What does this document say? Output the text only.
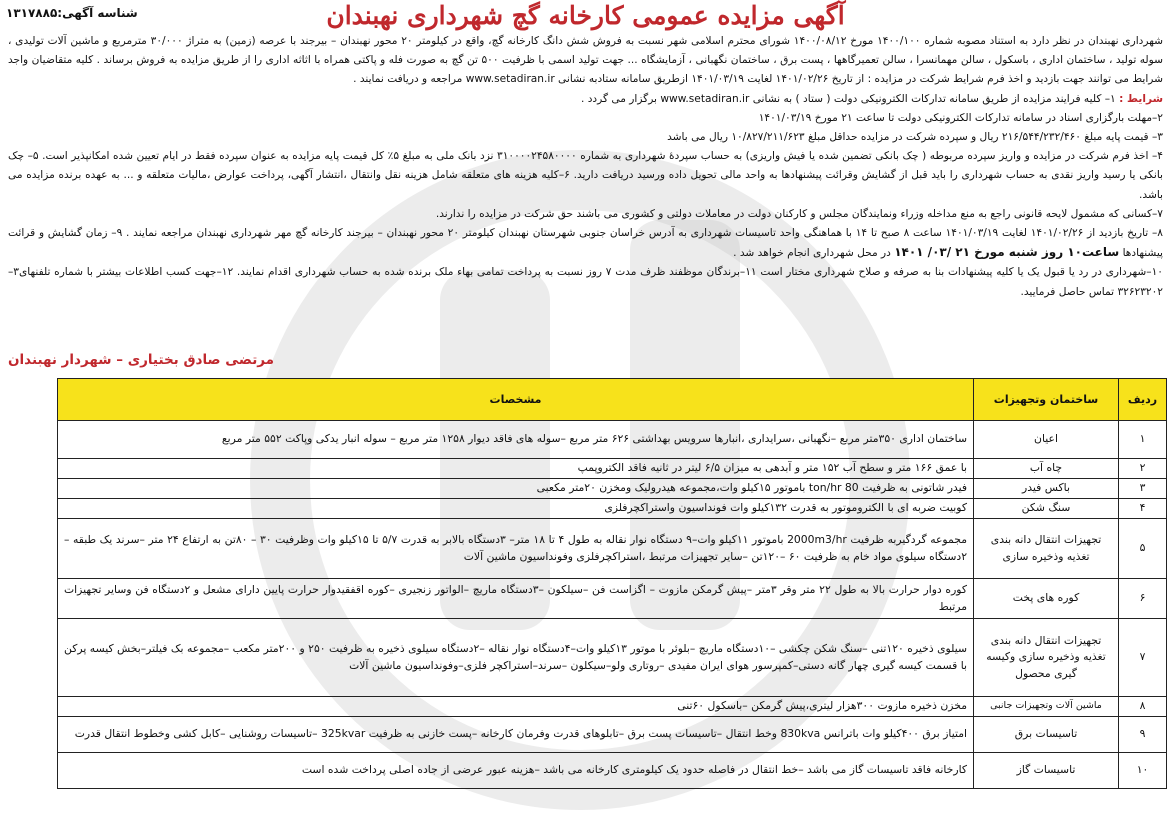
آگهی مزایده عمومی کارخانه گچ شهرداری نهبندان
شناسه آگهی:۱۳۱۷۸۸۵

شهرداری نهبندان در نظر دارد به استناد مصوبه شماره ۱۴۰۰/۱۰۰ مورخ ۱۴۰۰/۰۸/۱۲ شورای محترم اسلامی شهر نسبت به فروش شش دانگ کارخانه گچ، واقع در کیلومتر ۲۰ محور نهبندان – بیرجند با عرصه (زمین) به متراژ ۳۰/۰۰۰ مترمربع و ماشین آلات تولیدی ، سوله تولید ، ساختمان اداری ، باسکول ، سالن مهمانسرا ، سالن تعمیرگاهها ، پست برق ، ساختمان نگهبانی ، آزمایشگاه ... جهت تولید اسمی با ظرفیت ۵۰۰ تن گچ به صورت فله و پاکتی همراه با اثاثه اداری را از طریق مزایده به فروش برساند . کلیه متقاضیان واجد شرایط می توانند جهت بازدید و اخذ فرم شرایط شرکت در مزایده : از تاریخ ۱۴۰۱/۰۲/۲۶ لغایت ۱۴۰۱/۰۳/۱۹ ازطریق سامانه ستادبه نشانی www.setadiran.ir مراجعه و دریافت نمایند .

شرایط : ۱– کلیه فرایند مزایده از طریق سامانه تدارکات الکترونیکی دولت ( ستاد ) به نشانی www.setadiran.ir برگزار می گردد .

۲–مهلت بارگزاری اسناد در سامانه تدارکات الکترونیکی دولت تا ساعت ۲۱ مورخ ۱۴۰۱/۰۳/۱۹

۳– قیمت پایه مبلغ ۲۱۶/۵۴۴/۲۳۲/۴۶۰ ریال و سپرده شرکت در مزایده حداقل مبلغ ۱۰/۸۲۷/۲۱۱/۶۲۳ ریال می باشد

۴– اخذ فرم شرکت در مزایده و واریز سپرده مربوطه ( چک بانکی تضمین شده یا فیش واریزی) به حساب سپردۀ شهرداری به شماره ۳۱۰۰۰۰۲۴۵۸۰۰۰۰ نزد بانک ملی به مبلغ ۵٪ کل قیمت پایه مزایده به عنوان سپرده فقط در ایام تعیین شده امکانپذیر است. ۵– چک بانکی یا رسید واریز نقدی به حساب شهرداری را باید قبل از گشایش وقرائت پیشنهادها به واحد مالی تحویل داده ورسید دریافت دارید. ۶–کلیه هزینه های متعلقه شامل هزینه نقل وانتقال ،انتشار آگهی، پرداخت عوارض ،مالیات متعلقه و ... به عهده برنده مزایده می باشد.

۷–کسانی که مشمول لایحه قانونی راجع به منع مداخله وزراء ونمایندگان مجلس و کارکنان دولت در معاملات دولتی و کشوری می باشند حق شرکت در مزایده را ندارند.

۸– تاریخ بازدید از ۱۴۰۱/۰۲/۲۶ لغایت ۱۴۰۱/۰۳/۱۹ ساعت ۸ صبح تا ۱۴ با هماهنگی واحد تاسیسات شهرداری به آدرس خراسان جنوبی شهرستان نهبندان کیلومتر ۲۰ محور نهبندان – بیرجند کارخانه گچ مهر شهرداری نهبندان مراجعه نمایند . ۹– زمان گشایش و قرائت پیشنهادها ساعت۱۰ روز شنبه مورخ ۲۱ /۰۳/ ۱۴۰۱ در محل شهرداری انجام خواهد شد .

۱۰–شهرداری در رد یا قبول یک یا کلیه پیشنهادات بنا به صرفه و صلاح شهرداری مختار است ۱۱–برندگان موظفند ظرف مدت ۷ روز نسبت به پرداخت تمامی بهاء ملک برنده شده به حساب شهرداری اقدام نمایند. ۱۲–جهت کسب اطلاعات بیشتر با شماره تلفنهای۳–۳۲۶۲۳۲۰۲ تماس حاصل فرمایید.

مرتضی صادق بختیاری – شهردار نهبندان
ردیف	ساختمان وتجهیزات	مشخصات
۱	اعیان	ساختمان اداری ۳۵۰متر مربع –نگهبانی ،سرایداری ،انبارها سرویس بهداشتی ۶۲۶ متر مربع –سوله های فاقد دیوار ۱۲۵۸ متر مربع – سوله انبار یدکی وپاکت ۵۵۲ متر مربع
۲	چاه آب	با عمق ۱۶۶ متر و سطح آب ۱۵۲ متر و آبدهی به میزان ۶/۵ لیتر در ثانیه فاقد الکتروپمپ
۳	باکس فیدر	فیدر شاتونی به ظرفیت 80 ton/hr باموتور ۱۵کیلو وات،مجموعه هیدرولیک ومخزن ۲۰متر مکعبی
۴	سنگ شکن	کوبیت ضربه ای با الکتروموتور به قدرت ۱۳۲کیلو وات فونداسیون واستراکچرفلزی
۵	تجهیزات انتقال دانه بندی تغذیه وذخیره سازی	مجموعه گردگیربه ظرفیت 2000m3/hr باموتور ۱۱کیلو وات–۹ دستگاه نوار نقاله به طول ۴ تا ۱۸ متر– ۳دستگاه بالابر به قدرت ۵/۷ تا ۱۵کیلو وات وظرفیت ۳۰ – ۸۰تن به ارتفاع ۲۴ متر –سرند یک طبقه –۲دستگاه سیلوی مواد خام به ظرفیت ۶۰ –۱۲۰تن –سایر تجهیزات مرتبط ،استراکچرفلزی وفونداسیون ماشین آلات
۶	کوره های پخت	کوره دوار حرارت بالا به طول ۲۲ متر وقر ۳متر –پیش گرمکن مازوت – اگزاست فن –سیلکون –۳دستگاه ماریچ –الواتور زنجیری –کوره اقفقیدوار حرارت پایین دارای مشعل و ۲دستگاه فن وسایر تجهیزات مرتبط
۷	تجهیزات انتقال دانه بندی تغذیه وذخیره سازی وکیسه گیری محصول	سیلوی ذخیره ۱۲۰تنی –سنگ شکن چکشی –۱۰دستگاه ماریچ –بلوئر با موتور ۱۳کیلو وات–۴دستگاه نوار نقاله –۲دستگاه سیلوی ذخیره به ظرفیت ۲۵۰ و ۲۰۰متر مکعب –مجموعه بک فیلتر–بخش کیسه پرکن با قسمت کیسه گیری چهار گانه دستی–کمپرسور هوای ایران مفیدی –روتاری ولو–سیکلون –سرند–استراکچر فلزی–وفونداسیون ماشین آلات
۸	ماشین آلات وتجهیزات جانبی	مخزن ذخیره مازوت ۳۰۰هزار لیتری،پیش گرمکن –باسکول ۶۰تنی
۹	تاسیسات برق	امتیاز برق ۴۰۰کیلو وات باترانس 830kva وخط انتقال –تاسیسات پست برق –تابلوهای قدرت وفرمان کارخانه –پست خازنی به ظرفیت 325kvar –تاسیسات روشنایی –کابل کشی وخطوط انتقال قدرت
۱۰	تاسیسات گاز	کارخانه فاقد تاسیسات گاز می باشد –خط انتقال در فاصله حدود یک کیلومتری کارخانه می باشد –هزینه عبور عرضی از جاده اصلی پرداخت شده است
